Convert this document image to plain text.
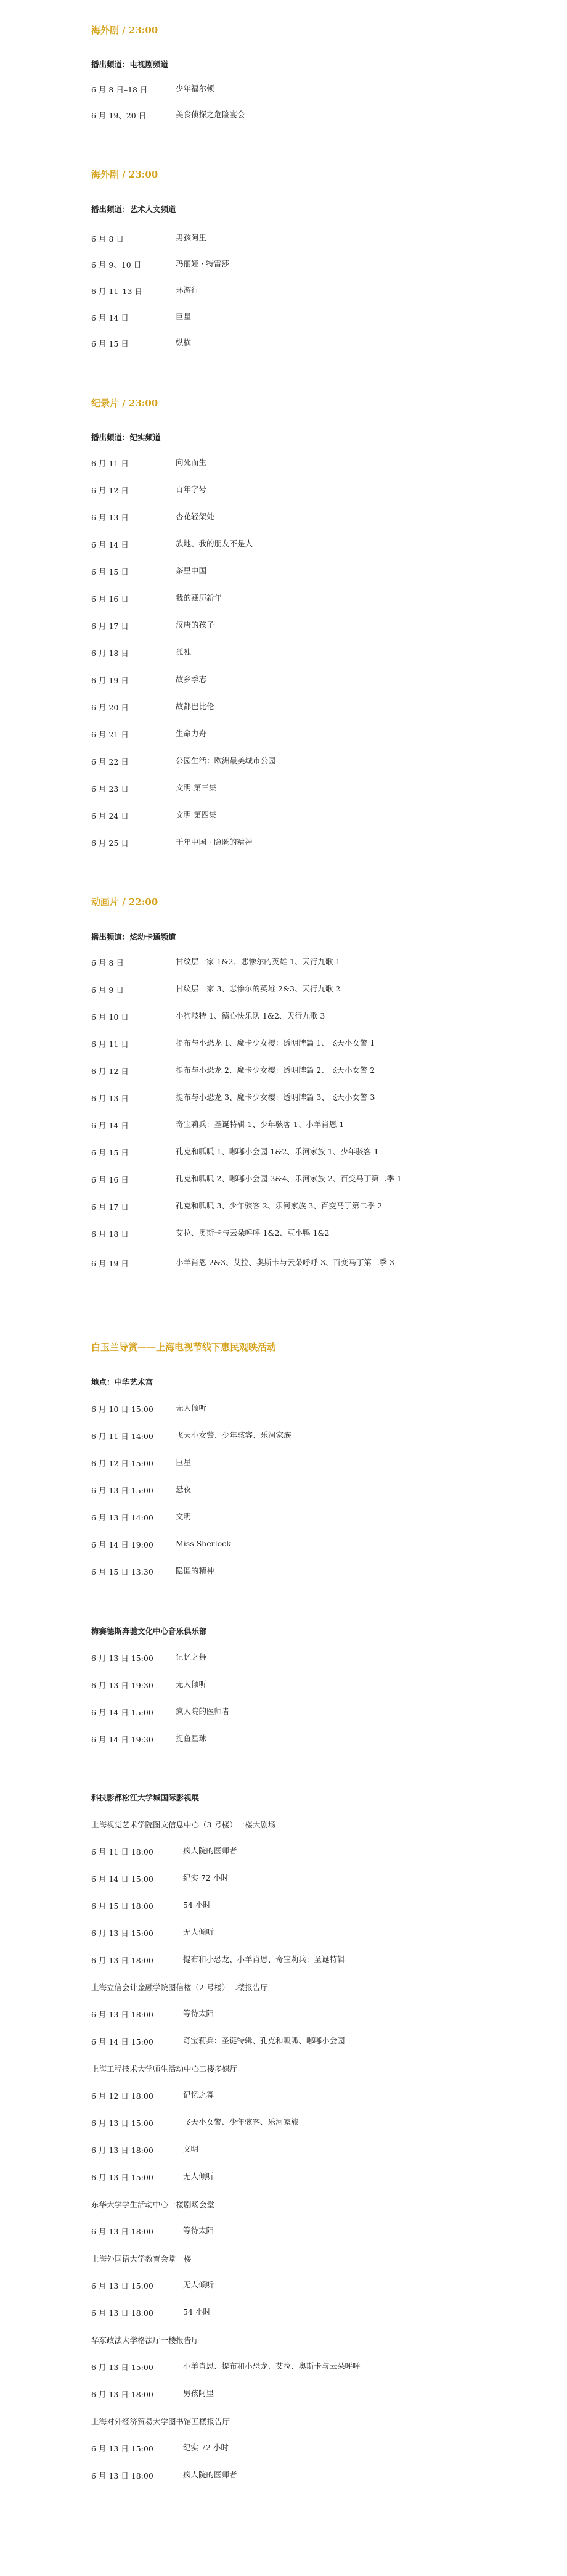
海外剧 / 23:00
播出频道：电视剧频道
6 月 8 日–18 日	少年福尔顿
6 月 19、20 日	美食侦探之危险宴会
海外剧 / 23:00
播出频道：艺术人文频道
6 月 8 日	男孩阿里
6 月 9、10 日	玛丽娅 · 特雷莎
6 月 11–13 日	环游行
6 月 14 日	巨星
6 月 15 日	纵横
纪录片 / 23:00
播出频道：纪实频道
6 月 11 日	向死而生
6 月 12 日	百年字号
6 月 13 日	杏花轻架处
6 月 14 日	族地、我的朋友不是人
6 月 15 日	茶里中国
6 月 16 日	我的藏历新年
6 月 17 日	汉唐的孩子
6 月 18 日	孤独
6 月 19 日	故乡季志
6 月 20 日	故都巴比伦
6 月 21 日	生命力舟
6 月 22 日	公园生活：欧洲最美城市公园
6 月 23 日	文明 第三集
6 月 24 日	文明 第四集
6 月 25 日	千年中国 · 隐匿的精神
动画片 / 22:00
播出频道：炫动卡通频道
6 月 8 日	甘纹层一家 1&2、悲惨尔的英雄 1、天行九歌 1
6 月 9 日	甘纹层一家 3、悲惨尔的英雄 2&3、天行九歌 2
6 月 10 日	小狗岐特 1、德心快乐队 1&2、天行九歌 3
6 月 11 日	提布与小恐龙 1、魔卡少女樱：透明牌篇 1、飞天小女警 1
6 月 12 日	提布与小恐龙 2、魔卡少女樱：透明牌篇 2、飞天小女警 2
6 月 13 日	提布与小恐龙 3、魔卡少女樱：透明牌篇 3、飞天小女警 3
6 月 14 日	奇宝莉兵：圣诞特辑 1、少年骇客 1、小羊肖恩 1
6 月 15 日	孔克和呱呱 1、嘟嘟小会园 1&2、乐河家族 1、少年骇客 1
6 月 16 日	孔克和呱呱 2、嘟嘟小会园 3&4、乐河家族 2、百变马丁第二季 1
6 月 17 日	孔克和呱呱 3、少年骇客 2、乐河家族 3、百变马丁第二季 2
6 月 18 日	艾拉、奥斯卡与云朵呼呼 1&2、豆小鸭 1&2
6 月 19 日	小羊肖恩 2&3、艾拉、奥斯卡与云朵呼呼 3、百变马丁第二季 3
白玉兰导赏——上海电视节线下惠民观映活动
地点：中华艺术宫
6 月 10 日 15:00	无人倾听
6 月 11 日 14:00	飞天小女警、少年骇客、乐河家族
6 月 12 日 15:00	巨星
6 月 13 日 15:00	悬夜
6 月 13 日 14:00	文明
6 月 14 日 19:00	Miss Sherlock
6 月 15 日 13:30	隐匿的精神
梅赛德斯奔驰文化中心音乐俱乐部
6 月 13 日 15:00	记忆之舞
6 月 13 日 19:30	无人倾听
6 月 14 日 15:00	疯人院的医师者
6 月 14 日 19:30	捉鱼星球
科技影都松江大学城国际影视展
上海视觉艺术学院图文信息中心（3 号楼）一楼大剧场
6 月 11 日 18:00	疯人院的医师者
6 月 14 日 15:00	纪实 72 小时
6 月 15 日 18:00	54 小时
6 月 13 日 15:00	无人倾听
6 月 13 日 18:00	提布和小恐龙、小羊肖恩、奇宝莉兵：圣诞特辑
上海立信会计金融学院图信楼（2 号楼）二楼报告厅
6 月 13 日 18:00	等待太阳
6 月 14 日 15:00	奇宝莉兵：圣诞特辑、孔克和呱呱、嘟嘟小会园
上海工程技术大学师生活动中心二楼多媒厅
6 月 12 日 18:00	记忆之舞
6 月 13 日 15:00	飞天小女警、少年骇客、乐河家族
6 月 13 日 18:00	文明
6 月 13 日 15:00	无人倾听
东华大学学生活动中心一楼剧场会堂
6 月 13 日 18:00	等待太阳
上海外国语大学教育会堂一楼
6 月 13 日 15:00	无人倾听
6 月 13 日 18:00	54 小时
华东政法大学格法厅一楼报告厅
6 月 13 日 15:00	小羊肖恩、提布和小恐龙、艾拉、奥斯卡与云朵呼呼
6 月 13 日 18:00	男孩阿里
上海对外经济贸易大学图书馆五楼报告厅
6 月 13 日 15:00	纪实 72 小时
6 月 13 日 18:00	疯人院的医师者
